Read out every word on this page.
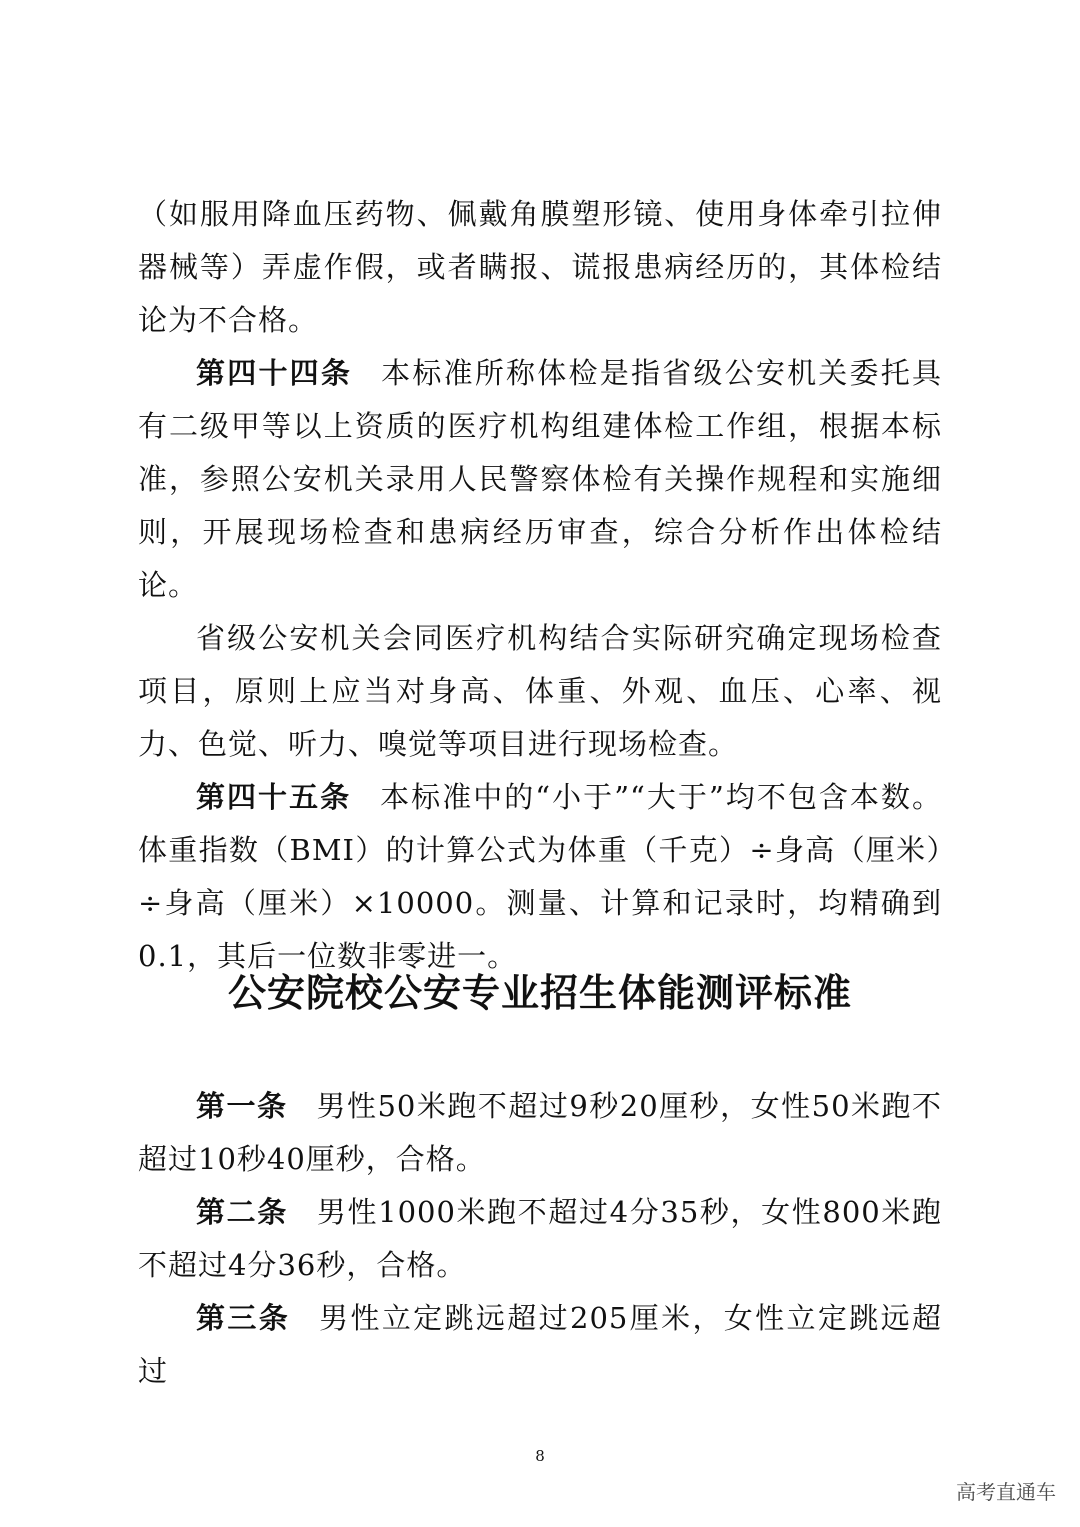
（如服用降血压药物、佩戴角膜塑形镜、使用身体牵引拉伸器械等）弄虚作假，或者瞒报、谎报患病经历的，其体检结论为不合格。

第四十四条 本标准所称体检是指省级公安机关委托具有二级甲等以上资质的医疗机构组建体检工作组，根据本标准，参照公安机关录用人民警察体检有关操作规程和实施细则，开展现场检查和患病经历审查，综合分析作出体检结论。

省级公安机关会同医疗机构结合实际研究确定现场检查项目，原则上应当对身高、体重、外观、血压、心率、视力、色觉、听力、嗅觉等项目进行现场检查。

第四十五条 本标准中的“小于”“大于”均不包含本数。体重指数（BMI）的计算公式为体重（千克）÷身高（厘米）÷身高（厘米）×10000。测量、计算和记录时，均精确到0.1，其后一位数非零进一。

公安院校公安专业招生体能测评标准

第一条 男性50米跑不超过9秒20厘秒，女性50米跑不超过10秒40厘秒，合格。

第二条 男性1000米跑不超过4分35秒，女性800米跑不超过4分36秒，合格。

第三条 男性立定跳远超过205厘米，女性立定跳远超过

8
高考直通车
